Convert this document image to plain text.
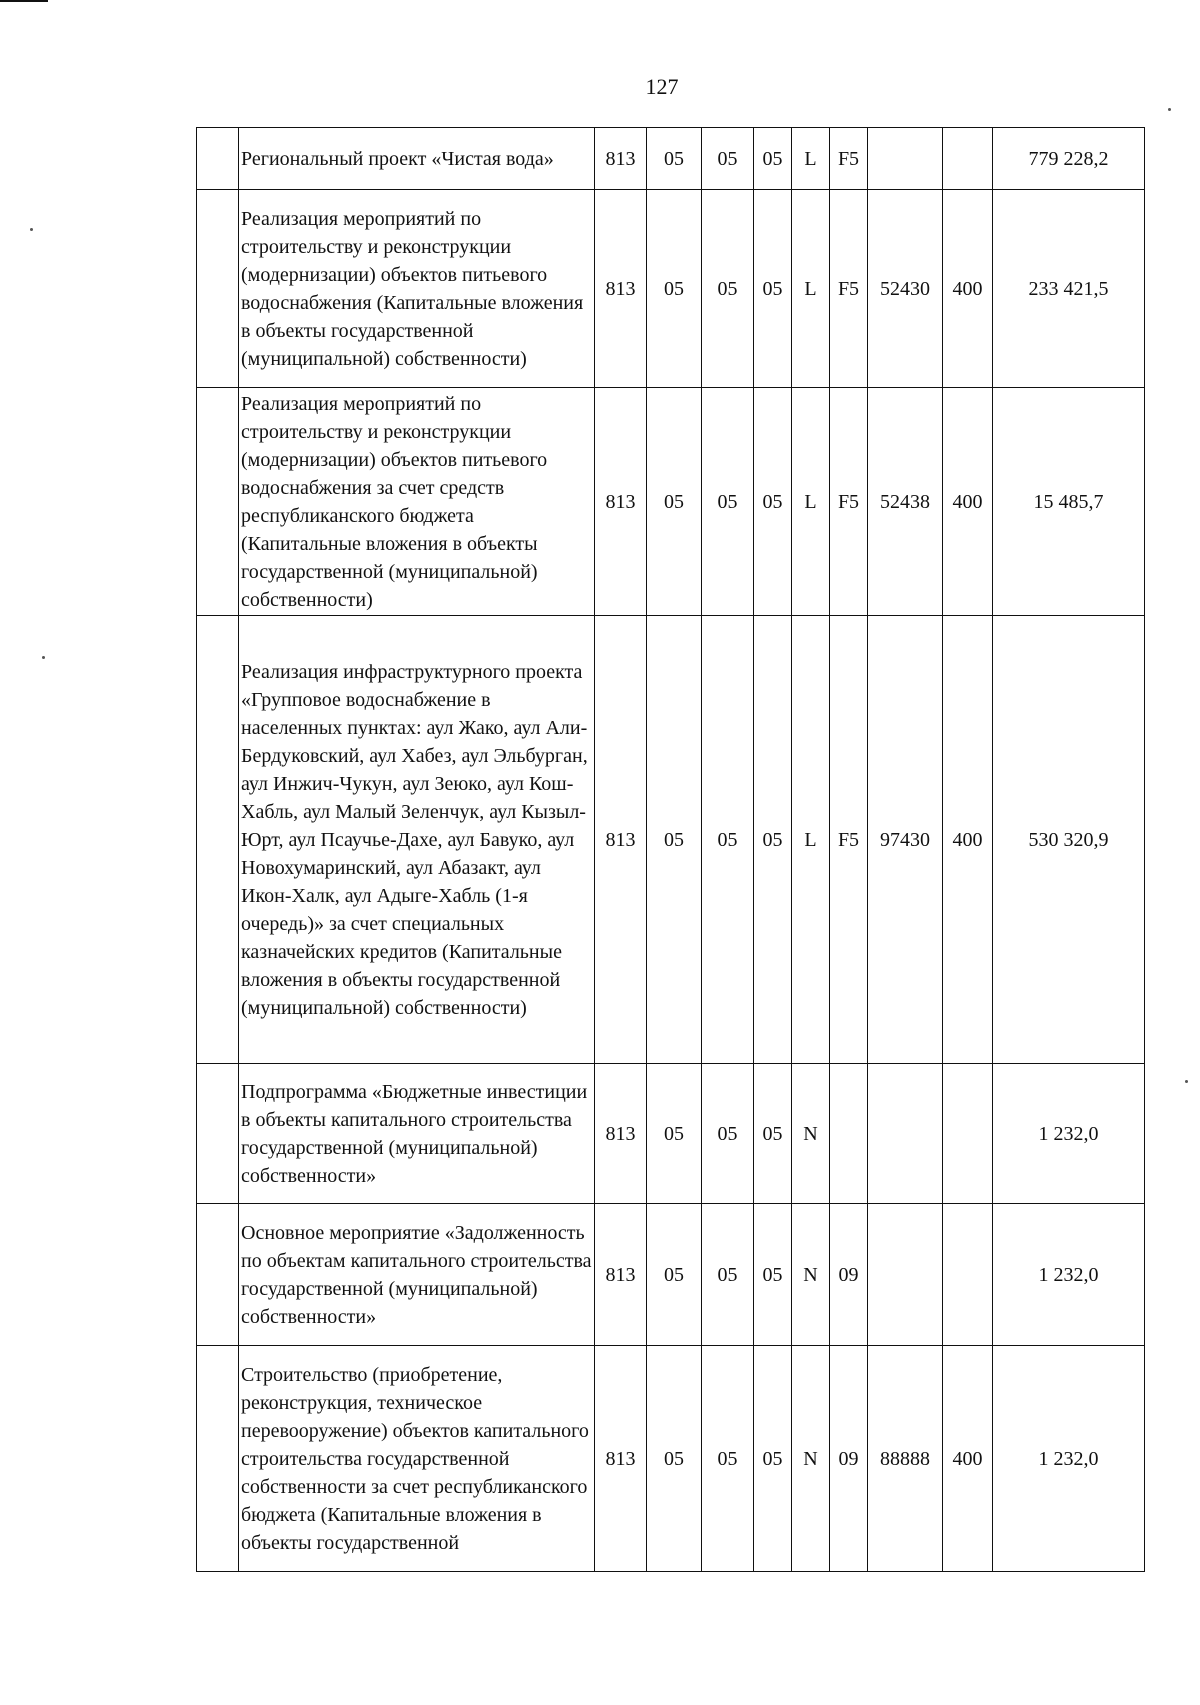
127
	Региональный проект «Чистая вода»	813	05	05	05	L	F5			779 228,2
	Реализация мероприятий по строительству и реконструкции (модернизации) объектов питьевого водоснабжения (Капитальные вложения в объекты государственной (муниципальной) собственности)	813	05	05	05	L	F5	52430	400	233 421,5
	Реализация мероприятий по строительству и реконструкции (модернизации) объектов питьевого водоснабжения за счет средств республиканского бюджета (Капитальные вложения в объекты государственной (муниципальной) собственности)	813	05	05	05	L	F5	52438	400	15 485,7
	Реализация инфраструктурного проекта «Групповое водоснабжение в населенных пунктах: аул Жако, аул Али-Бердуковский, аул Хабез, аул Эльбурган, аул Инжич-Чукун, аул Зеюко, аул Кош- Хабль, аул Малый Зеленчук, аул Кызыл-Юрт, аул Псаучье-Дахе, аул Бавуко, аул Новохумаринский, аул Абазакт, аул Икон-Халк, аул Адыге-Хабль (1-я очередь)» за счет специальных казначейских кредитов (Капитальные вложения в объекты государственной (муниципальной) собственности)	813	05	05	05	L	F5	97430	400	530 320,9
	Подпрограмма «Бюджетные инвестиции в объекты капитального строительства государственной (муниципальной) собственности»	813	05	05	05	N				1 232,0
	Основное мероприятие «Задолженность по объектам капитального строительства государственной (муниципальной) собственности»	813	05	05	05	N	09			1 232,0
	Строительство (приобретение, реконструкция, техническое перевооружение) объектов капитального строительства государственной собственности за счет республиканского бюджета (Капитальные вложения в объекты государственной	813	05	05	05	N	09	88888	400	1 232,0
